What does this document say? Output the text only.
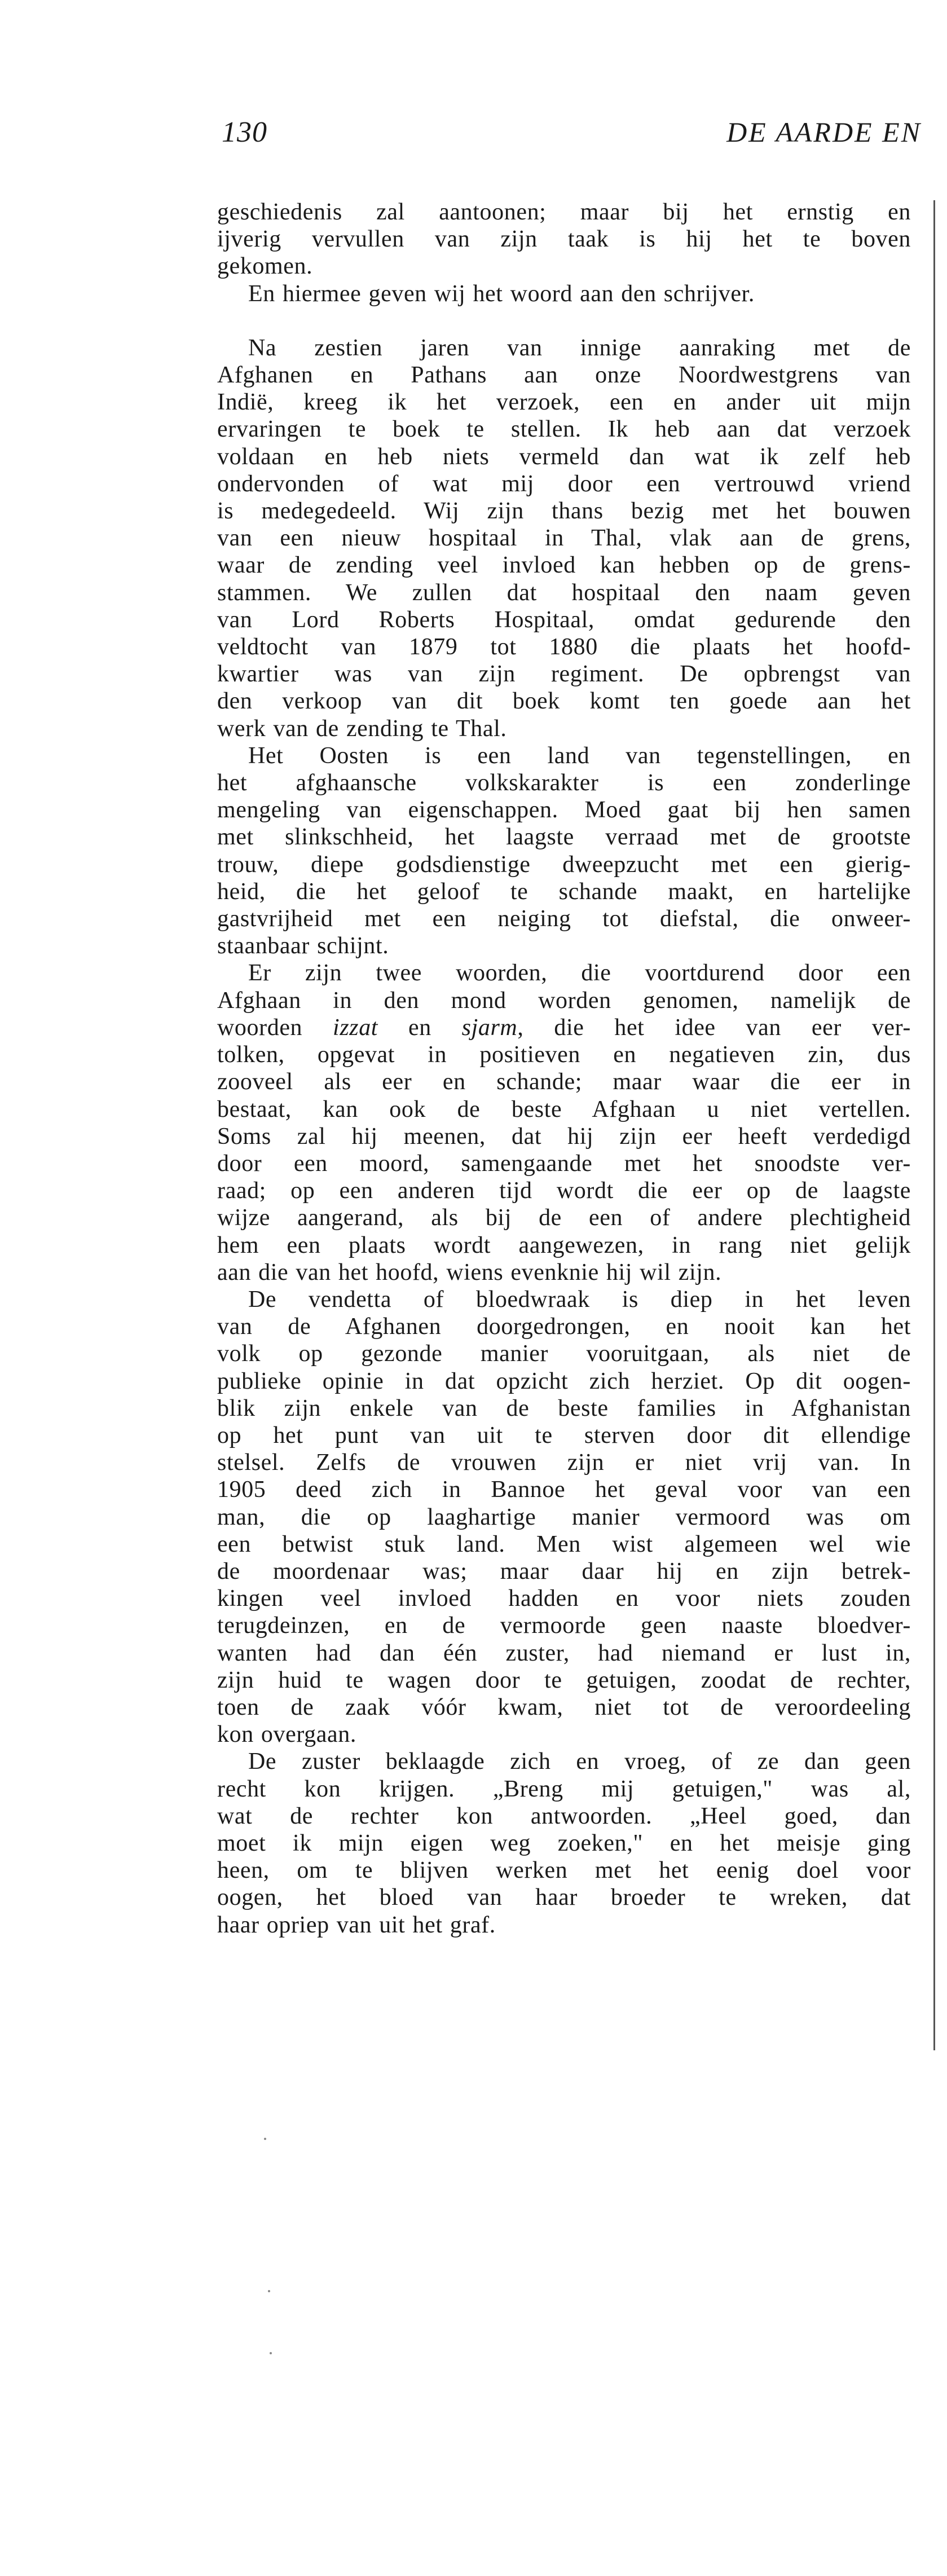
130	DE AARDE EN

geschiedenis zal aantoonen; maar bij het ernstig en
ijverig vervullen van zijn taak is hij het te boven
gekomen.

En hiermee geven wij het woord aan den schrijver.

Na zestien jaren van innige aanraking met de
Afghanen en Pathans aan onze Noordwestgrens van
Indië, kreeg ik het verzoek, een en ander uit mijn
ervaringen te boek te stellen. Ik heb aan dat verzoek
voldaan en heb niets vermeld dan wat ik zelf heb
ondervonden of wat mij door een vertrouwd vriend
is medegedeeld. Wij zijn thans bezig met het bouwen
van een nieuw hospitaal in Thal, vlak aan de grens,
waar de zending veel invloed kan hebben op de grens-
stammen. We zullen dat hospitaal den naam geven
van Lord Roberts Hospitaal, omdat gedurende den
veldtocht van 1879 tot 1880 die plaats het hoofd-
kwartier was van zijn regiment. De opbrengst van
den verkoop van dit boek komt ten goede aan het
werk van de zending te Thal.

Het Oosten is een land van tegenstellingen, en
het afghaansche volkskarakter is een zonderlinge
mengeling van eigenschappen. Moed gaat bij hen samen
met slinkschheid, het laagste verraad met de grootste
trouw, diepe godsdienstige dweepzucht met een gierig-
heid, die het geloof te schande maakt, en hartelijke
gastvrijheid met een neiging tot diefstal, die onweer-
staanbaar schijnt.

Er zijn twee woorden, die voortdurend door een
Afghaan in den mond worden genomen, namelijk de
woorden izzat en sjarm, die het idee van eer ver-
tolken, opgevat in positieven en negatieven zin, dus
zooveel als eer en schande; maar waar die eer in
bestaat, kan ook de beste Afghaan u niet vertellen.
Soms zal hij meenen, dat hij zijn eer heeft verdedigd
door een moord, samengaande met het snoodste ver-
raad; op een anderen tijd wordt die eer op de laagste
wijze aangerand, als bij de een of andere plechtigheid
hem een plaats wordt aangewezen, in rang niet gelijk
aan die van het hoofd, wiens evenknie hij wil zijn.

De vendetta of bloedwraak is diep in het leven
van de Afghanen doorgedrongen, en nooit kan het
volk op gezonde manier vooruitgaan, als niet de
publieke opinie in dat opzicht zich herziet. Op dit oogen-
blik zijn enkele van de beste families in Afghanistan
op het punt van uit te sterven door dit ellendige
stelsel. Zelfs de vrouwen zijn er niet vrij van. In
1905 deed zich in Bannoe het geval voor van een
man, die op laaghartige manier vermoord was om
een betwist stuk land. Men wist algemeen wel wie
de moordenaar was; maar daar hij en zijn betrek-
kingen veel invloed hadden en voor niets zouden
terugdeinzen, en de vermoorde geen naaste bloedver-
wanten had dan één zuster, had niemand er lust in,
zijn huid te wagen door te getuigen, zoodat de rechter,
toen de zaak vóór kwam, niet tot de veroordeeling
kon overgaan.

De zuster beklaagde zich en vroeg, of ze dan geen
recht kon krijgen. „Breng mij getuigen," was al,
wat de rechter kon antwoorden. „Heel goed, dan
moet ik mijn eigen weg zoeken," en het meisje ging
heen, om te blijven werken met het eenig doel voor
oogen, het bloed van haar broeder te wreken, dat
haar opriep van uit het graf.
